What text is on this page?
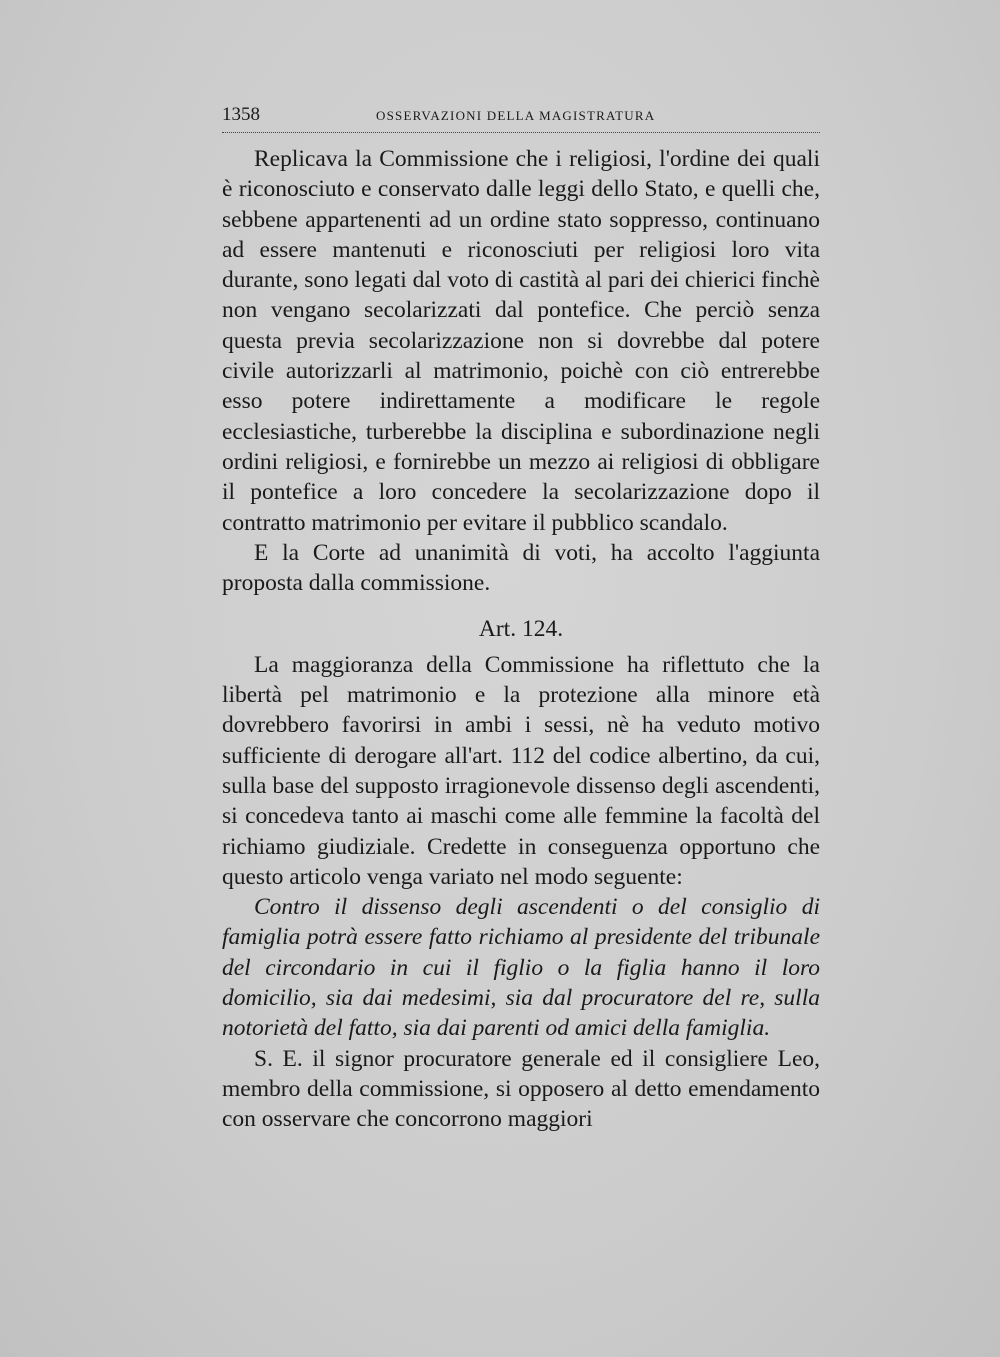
1358	OSSERVAZIONI DELLA MAGISTRATURA

Replicava la Commissione che i religiosi, l'ordine dei quali è riconosciuto e conservato dalle leggi dello Stato, e quelli che, sebbene appartenenti ad un ordine stato soppresso, continuano ad essere mantenuti e riconosciuti per religiosi loro vita durante, sono legati dal voto di castità al pari dei chierici finchè non vengano secolarizzati dal pontefice. Che perciò senza questa previa secolarizzazione non si dovrebbe dal potere civile autorizzarli al matrimonio, poichè con ciò entrerebbe esso potere indirettamente a modificare le regole ecclesiastiche, turberebbe la disciplina e subordinazione negli ordini religiosi, e fornirebbe un mezzo ai religiosi di obbligare il pontefice a loro concedere la secolarizzazione dopo il contratto matrimonio per evitare il pubblico scandalo.

E la Corte ad unanimità di voti, ha accolto l'aggiunta proposta dalla commissione.

Art. 124.

La maggioranza della Commissione ha riflettuto che la libertà pel matrimonio e la protezione alla minore età dovrebbero favorirsi in ambi i sessi, nè ha veduto motivo sufficiente di derogare all'art. 112 del codice albertino, da cui, sulla base del supposto irragionevole dissenso degli ascendenti, si concedeva tanto ai maschi come alle femmine la facoltà del richiamo giudiziale. Credette in conseguenza opportuno che questo articolo venga variato nel modo seguente:

Contro il dissenso degli ascendenti o del consiglio di famiglia potrà essere fatto richiamo al presidente del tribunale del circondario in cui il figlio o la figlia hanno il loro domicilio, sia dai medesimi, sia dal procuratore del re, sulla notorietà del fatto, sia dai parenti od amici della famiglia.

S. E. il signor procuratore generale ed il consigliere Leo, membro della commissione, si opposero al detto emendamento con osservare che concorrono maggiori
